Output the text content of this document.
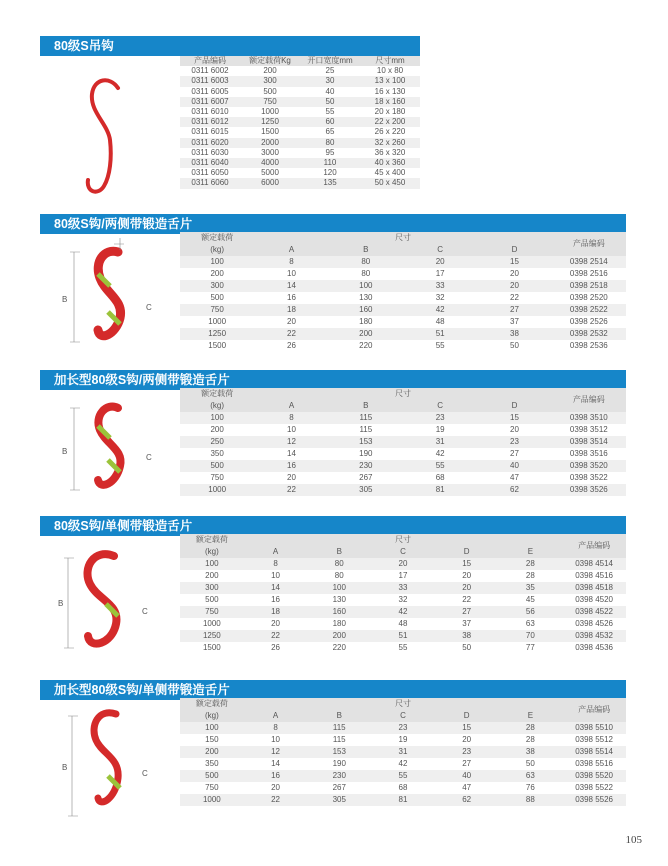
80级S吊钩
产品编码	额定载荷Kg	开口宽度mm	尺寸mm
0311 6002	200	25	10 x 80
0311 6003	300	30	13 x 100
0311 6005	500	40	16 x 130
0311 6007	750	50	18 x 160
0311 6010	1000	55	20 x 180
0311 6012	1250	60	22 x 200
0311 6015	1500	65	26 x 220
0311 6020	2000	80	32 x 260
0311 6030	3000	95	36 x 320
0311 6040	4000	110	40 x 360
0311 6050	5000	120	45 x 400
0311 6060	6000	135	50 x 450
80级S钩/两侧带锻造舌片
B
C
额定载荷	尺寸				产品编码
(kg)	A	B	C	D	
100	8	80	20	15	0398 2514
200	10	80	17	20	0398 2516
300	14	100	33	20	0398 2518
500	16	130	32	22	0398 2520
750	18	160	42	27	0398 2522
1000	20	180	48	37	0398 2526
1250	22	200	51	38	0398 2532
1500	26	220	55	50	0398 2536
加长型80级S钩/两侧带锻造舌片
B
C
额定载荷	尺寸				产品编码
(kg)	A	B	C	D	
100	8	115	23	15	0398 3510
200	10	115	19	20	0398 3512
250	12	153	31	23	0398 3514
350	14	190	42	27	0398 3516
500	16	230	55	40	0398 3520
750	20	267	68	47	0398 3522
1000	22	305	81	62	0398 3526
80级S钩/单侧带锻造舌片
B
C
额定载荷	尺寸					产品编码
(kg)	A	B	C	D	E	
100	8	80	20	15	28	0398 4514
200	10	80	17	20	28	0398 4516
300	14	100	33	20	35	0398 4518
500	16	130	32	22	45	0398 4520
750	18	160	42	27	56	0398 4522
1000	20	180	48	37	63	0398 4526
1250	22	200	51	38	70	0398 4532
1500	26	220	55	50	77	0398 4536
加长型80级S钩/单侧带锻造舌片
B
C
额定载荷	尺寸					产品编码
(kg)	A	B	C	D	E	
100	8	115	23	15	28	0398 5510
150	10	115	19	20	28	0398 5512
200	12	153	31	23	38	0398 5514
350	14	190	42	27	50	0398 5516
500	16	230	55	40	63	0398 5520
750	20	267	68	47	76	0398 5522
1000	22	305	81	62	88	0398 5526
105
